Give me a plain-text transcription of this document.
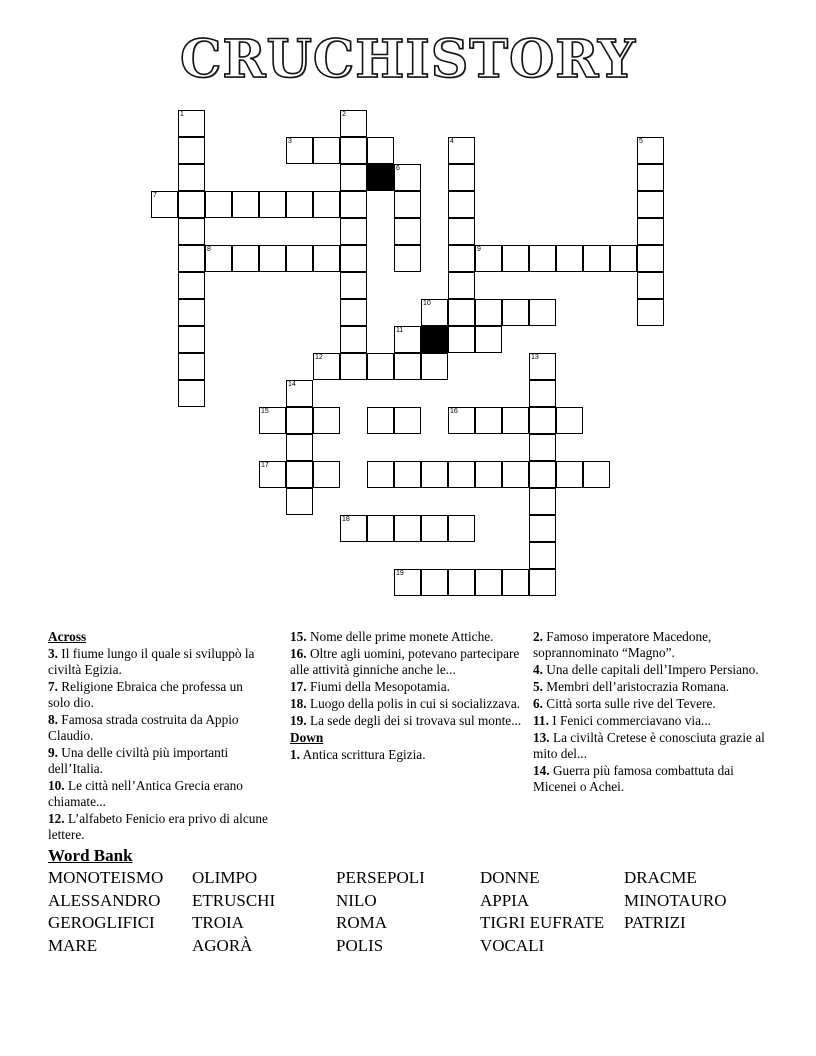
CRUCHISTORY
1	2
3	4	5
6
7
8	9
10
11
12	13
14
15	16
17
18
19
Across
3. Il fiume lungo il quale si sviluppò la civiltà Egizia.
7. Religione Ebraica che professa un solo dio.
8. Famosa strada costruita da Appio Claudio.
9. Una delle civiltà più importanti dell’Italia.
10. Le città nell’Antica Grecia erano chiamate...
12. L’alfabeto Fenicio era privo di alcune lettere.
15. Nome delle prime monete Attiche.
16. Oltre agli uomini, potevano partecipare alle attività ginniche anche le...
17. Fiumi della Mesopotamia.
18. Luogo della polis in cui si socializzava.
19. La sede degli dei si trovava sul monte...
Down
1. Antica scrittura Egizia.
2. Famoso imperatore Macedone, soprannominato “Magno”.
4. Una delle capitali dell’Impero Persiano.
5. Membri dell’aristocrazia Romana.
6. Città sorta sulle rive del Tevere.
11. I Fenici commerciavano via...
13. La civiltà Cretese è conosciuta grazie al mito del...
14. Guerra più famosa combattuta dai Micenei o Achei.
Word Bank
MONOTEISMO
ALESSANDRO
GEROGLIFICI
MARE
OLIMPO
ETRUSCHI
TROIA
AGORÀ
PERSEPOLI
NILO
ROMA
POLIS
DONNE
APPIA
TIGRI EUFRATE
VOCALI
DRACME
MINOTAURO
PATRIZI
